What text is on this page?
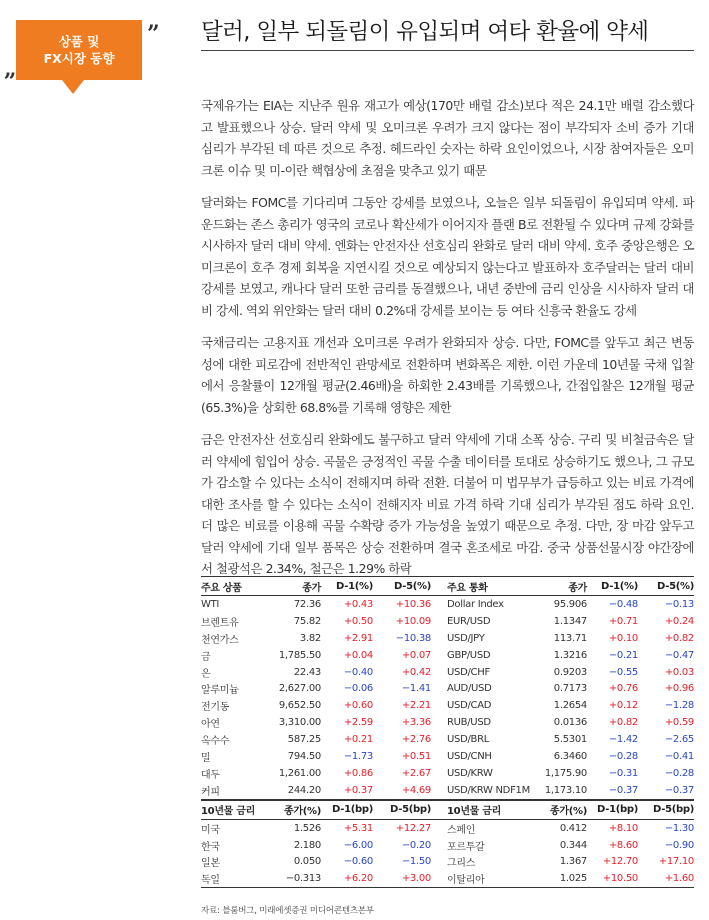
상품 및
FX시장 동향
„
” 달러, 일부 되돌림이 유입되며 여타 환율에 약세

국제유가는 EIA는 지난주 원유 재고가 예상(170만 배럴 감소)보다 적은 24.1만 배럴 감소했다고 발표했으나 상승. 달러 약세 및 오미크론 우려가 크지 않다는 점이 부각되자 소비 증가 기대 심리가 부각된 데 따른 것으로 추정. 헤드라인 숫자는 하락 요인이었으나, 시장 참여자들은 오미크론 이슈 및 미-이란 핵협상에 초점을 맞추고 있기 때문

달러화는 FOMC를 기다리며 그동안 강세를 보였으나, 오늘은 일부 되돌림이 유입되며 약세. 파운드화는 존스 총리가 영국의 코로나 확산세가 이어지자 플랜 B로 전환될 수 있다며 규제 강화를 시사하자 달러 대비 약세. 엔화는 안전자산 선호심리 완화로 달러 대비 약세. 호주 중앙은행은 오미크론이 호주 경제 회복을 지연시킬 것으로 예상되지 않는다고 발표하자 호주달러는 달러 대비 강세를 보였고, 캐나다 달러 또한 금리를 동결했으나, 내년 중반에 금리 인상을 시사하자 달러 대비 강세. 역외 위안화는 달러 대비 0.2%대 강세를 보이는 등 여타 신흥국 환율도 강세

국채금리는 고용지표 개선과 오미크론 우려가 완화되자 상승. 다만, FOMC를 앞두고 최근 변동성에 대한 피로감에 전반적인 관망세로 전환하며 변화폭은 제한. 이런 가운데 10년물 국채 입찰에서 응찰률이 12개월 평균(2.46배)을 하회한 2.43배를 기록했으나, 간접입찰은 12개월 평균(65.3%)을 상회한 68.8%를 기록해 영향은 제한

금은 안전자산 선호심리 완화에도 불구하고 달러 약세에 기대 소폭 상승. 구리 및 비철금속은 달러 약세에 힘입어 상승. 곡물은 긍정적인 곡물 수출 데이터를 토대로 상승하기도 했으나, 그 규모가 감소할 수 있다는 소식이 전해지며 하락 전환. 더불어 미 법무부가 급등하고 있는 비료 가격에 대한 조사를 할 수 있다는 소식이 전해지자 비료 가격 하락 기대 심리가 부각된 점도 하락 요인. 더 많은 비료를 이용해 곡물 수확량 증가 가능성을 높였기 때문으로 추정. 다만, 장 마감 앞두고 달러 약세에 기대 일부 품목은 상승 전환하며 결국 혼조세로 마감. 중국 상품선물시장 야간장에서 철광석은 2.34%, 철근은 1.29% 하락

주요 상품	종가	D-1(%)	D-5(%)	주요 통화	종가	D-1(%)	D-5(%)
WTI	72.36	+0.43	+10.36	Dollar Index	95.906	−0.48	−0.13
브렌트유	75.82	+0.50	+10.09	EUR/USD	1.1347	+0.71	+0.24
천연가스	3.82	+2.91	−10.38	USD/JPY	113.71	+0.10	+0.82
금	1,785.50	+0.04	+0.07	GBP/USD	1.3216	−0.21	−0.47
은	22.43	−0.40	+0.42	USD/CHF	0.9203	−0.55	+0.03
알루미늄	2,627.00	−0.06	−1.41	AUD/USD	0.7173	+0.76	+0.96
전기동	9,652.50	+0.60	+2.21	USD/CAD	1.2654	+0.12	−1.28
아연	3,310.00	+2.59	+3.36	RUB/USD	0.0136	+0.82	+0.59
옥수수	587.25	+0.21	+2.76	USD/BRL	5.5301	−1.42	−2.65
밀	794.50	−1.73	+0.51	USD/CNH	6.3460	−0.28	−0.41
대두	1,261.00	+0.86	+2.67	USD/KRW	1,175.90	−0.31	−0.28
커피	244.20	+0.37	+4.69	USD/KRW NDF1M	1,173.10	−0.37	−0.37
10년물 금리	종가(%)	D-1(bp)	D-5(bp)	10년물 금리	종가(%)	D-1(bp)	D-5(bp)
미국	1.526	+5.31	+12.27	스페인	0.412	+8.10	−1.30
한국	2.180	−6.00	−0.20	포르투갈	0.344	+8.60	−0.90
일본	0.050	−0.60	−1.50	그리스	1.367	+12.70	+17.10
독일	−0.313	+6.20	+3.00	이탈리아	1.025	+10.50	+1.60
자료: 블룸버그, 미래에셋증권 미디어콘텐츠본부
